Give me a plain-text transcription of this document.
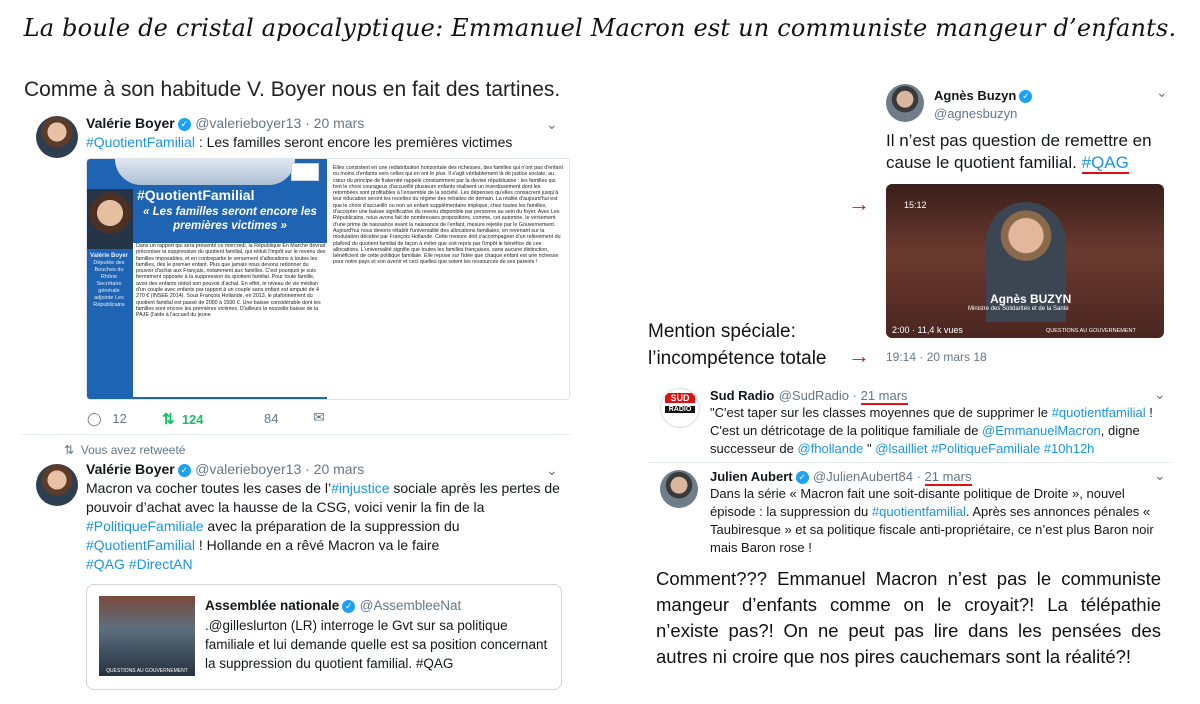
La boule de cristal apocalyptique: Emmanuel Macron est un communiste mangeur d’enfants.
Comme à son habitude V. Boyer nous en fait des tartines.
Valérie Boyer ✓ @valerieboyer13 · 20 mars	⌄
#QuotientFamilial : Les familles seront encore les premières victimes
#QuotientFamilial
« Les familles seront encore les premières victimes »
Valérie Boyer
Députée des Bouches du Rhône
Secrétaire générale adjointe Les Républicains
Dans un rapport qui sera présenté ce mercredi, la République En Marche devrait préconiser la suppression du quotient familial, qui réduit l'impôt sur le revenu des familles imposables, et en contrepartie le versement d'allocations à toutes les familles, dès le premier enfant. Plus que jamais nous devons redonner du pouvoir d'achat aux Français, notamment aux familles. C'est pourquoi je suis fermement opposée à la suppression du quotient familial. Pour toute famille, avoir des enfants réduit son pouvoir d'achat. En effet, le niveau de vie médian d'un couple avec enfants par rapport à un couple sans enfant est amputé de 4 270 € (INSEE 2014). Sous François Hollande, en 2013, le plafonnement du quotient familial est passé de 2000 à 1500 €. Une baisse considérable dont les familles sont encore les premières victimes. D'ailleurs la nouvelle baisse de la PAJE (l'aide à l'accueil du jeune
Elles consistent en une redistribution horizontale des richesses, des familles qui n'ont pas d'enfant ou moins d'enfants vers celles qui en ont le plus. Il s'agit véritablement là de justice sociale, au cœur du principe de fraternité rappelé constamment par la devise républicaine : les familles qui font le choix courageux d'accueillir plusieurs enfants réalisent un investissement dont les retombées sont profitables à l'ensemble de la société. Les dépenses qu'elles consacrent jusqu'à leur éducation seront les recettes du régime des retraites de demain. La réalité d'aujourd'hui est que le choix d'accueillir ou non un enfant supplémentaire implique, chez toutes les familles, d'accepter une baisse significative du revenu disponible par personne au sein du foyer. Avec Les Républicains, nous avons fait de nombreuses propositions, comme, cet automne, le versement d'une prime de naissance avant la naissance de l'enfant, mesure rejetée par le Gouvernement. Aujourd'hui nous devons rétablir l'universalité des allocations familiales, en revenant sur la modulation décidée par François Hollande. Cette mesure doit s'accompagner d'un relèvement du plafond du quotient familial de façon à éviter que soit repris par l'impôt le bénéfice de ces allocations. L'universalité signifie que toutes les familles françaises, sans aucune distinction, bénéficient de cette politique familiale. Elle repose sur l'idée que chaque enfant est une richesse pour notre pays et son avenir et ceci quelles que soient les ressources de ses parents !
◯ 12 ⇅ 124	84 ✉
⇅ Vous avez retweeté
Valérie Boyer ✓ @valerieboyer13 · 20 mars	⌄
Macron va cocher toutes les cases de l’#injustice sociale après les pertes de pouvoir d’achat avec la hausse de la CSG, voici venir la fin de la #PolitiqueFamiliale avec la préparation de la suppression du #QuotientFamilial ! Hollande en a rêvé Macron va le faire
#QAG #DirectAN
QUESTIONS AU GOUVERNEMENT
Assemblée nationale ✓ @AssembleeNat
.@gilleslurton (LR) interroge le Gvt sur sa politique familiale et lui demande quelle est sa position concernant la suppression du quotient familial. #QAG
Agnès Buzyn ✓
@agnesbuzyn
⌄
Il n’est pas question de remettre en cause le quotient familial. #QAG
15:12
Agnès BUZYN
Ministre des Solidarités et de la Santé
QUESTIONS AU GOUVERNEMENT
2:00 · 11,4 k vues
19:14 · 20 mars 18
→
→
Mention spéciale: l’incompétence totale
SUD
RADIO
Sud Radio @SudRadio · 21 mars	⌄
"C'est taper sur les classes moyennes que de supprimer le #quotientfamilial ! C'est un détricotage de la politique familiale de @EmmanuelMacron, digne successeur de @fhollande " @lsailliet #PolitiqueFamiliale #10h12h
Julien Aubert ✓ @JulienAubert84 · 21 mars	⌄
Dans la série « Macron fait une soit-disante politique de Droite », nouvel épisode : la suppression du #quotientfamilial. Après ses annonces pénales « Taubiresque » et sa politique fiscale anti-propriétaire, ce n’est plus Baron noir mais Baron rose !
Comment??? Emmanuel Macron n’est pas le communiste mangeur d’enfants comme on le croyait?! La télépathie n’existe pas?! On ne peut pas lire dans les pensées des autres ni croire que nos pires cauchemars sont la réalité?!
